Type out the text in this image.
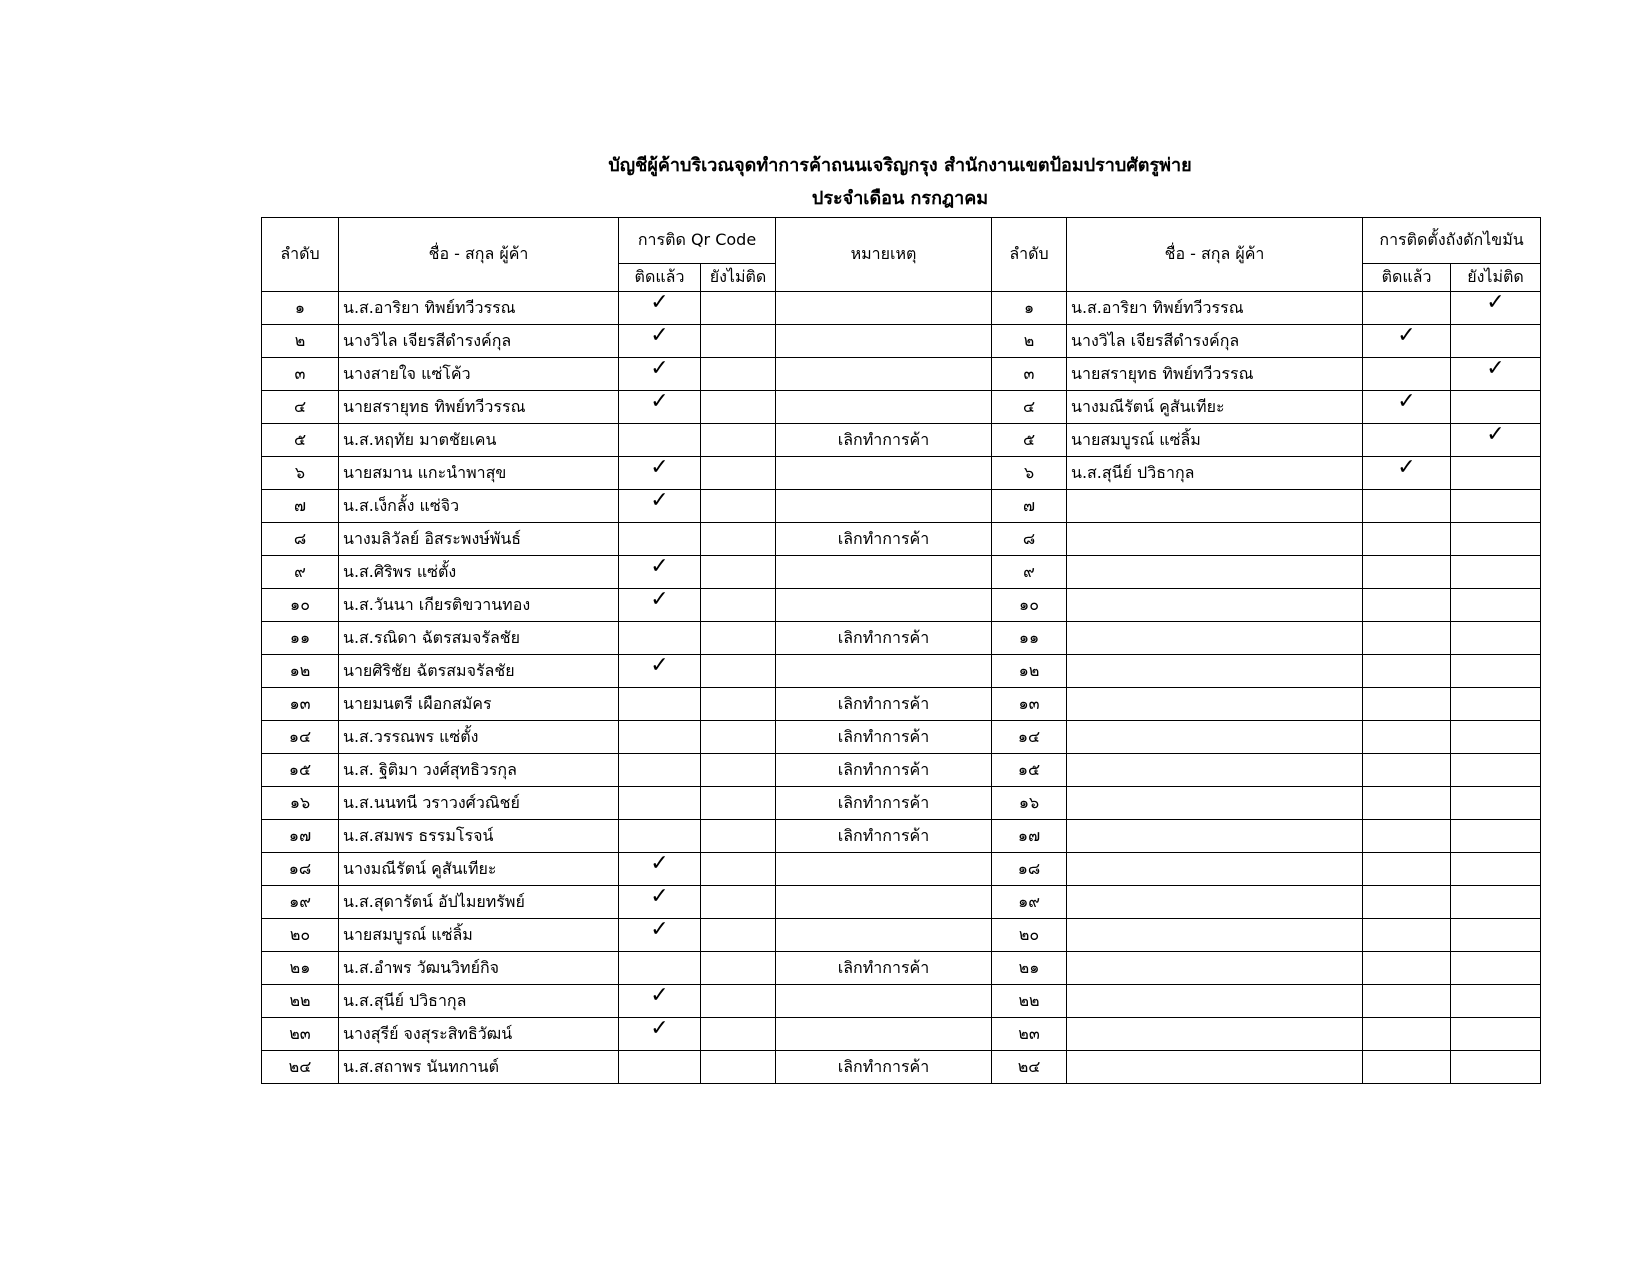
บัญชีผู้ค้าบริเวณจุดทำการค้าถนนเจริญกรุง สำนักงานเขตป้อมปราบศัตรูพ่าย
ประจำเดือน กรกฎาคม
ลำดับ	ชื่อ - สกุล ผู้ค้า	การติด Qr Code		หมายเหตุ	ลำดับ	ชื่อ - สกุล ผู้ค้า	การติดตั้งถังดักไขมัน	
		ติดแล้ว	ยังไม่ติด				ติดแล้ว	ยังไม่ติด
๑	น.ส.อาริยา ทิพย์ทวีวรรณ	✓			๑	น.ส.อาริยา ทิพย์ทวีวรรณ		✓
๒	นางวิไล เจียรสีดำรงค์กุล	✓			๒	นางวิไล เจียรสีดำรงค์กุล	✓	
๓	นางสายใจ แซ่โค้ว	✓			๓	นายสรายุทธ ทิพย์ทวีวรรณ		✓
๔	นายสรายุทธ ทิพย์ทวีวรรณ	✓			๔	นางมณีรัตน์ คูสันเทียะ	✓	
๕	น.ส.หฤทัย มาตชัยเคน			เลิกทำการค้า	๕	นายสมบูรณ์ แซ่ลิ้ม		✓
๖	นายสมาน แกะนำพาสุข	✓			๖	น.ส.สุนีย์ ปวิธากุล	✓	
๗	น.ส.เง็กลั้ง แซ่จิว	✓			๗			
๘	นางมลิวัลย์ อิสระพงษ์พันธ์			เลิกทำการค้า	๘			
๙	น.ส.ศิริพร แซ่ตั้ง	✓			๙			
๑๐	น.ส.วันนา เกียรติขวานทอง	✓			๑๐			
๑๑	น.ส.รณิดา ฉัตรสมจรัลชัย			เลิกทำการค้า	๑๑			
๑๒	นายศิริชัย ฉัตรสมจรัลชัย	✓			๑๒			
๑๓	นายมนตรี เผือกสมัคร			เลิกทำการค้า	๑๓			
๑๔	น.ส.วรรณพร แซ่ตั้ง			เลิกทำการค้า	๑๔			
๑๕	น.ส. ฐิติมา วงศ์สุทธิวรกุล			เลิกทำการค้า	๑๕			
๑๖	น.ส.นนทนี วราวงศ์วณิชย์			เลิกทำการค้า	๑๖			
๑๗	น.ส.สมพร ธรรมโรจน์			เลิกทำการค้า	๑๗			
๑๘	นางมณีรัตน์ คูสันเทียะ	✓			๑๘			
๑๙	น.ส.สุดารัตน์ อัปไมยทรัพย์	✓			๑๙			
๒๐	นายสมบูรณ์ แซ่ลิ้ม	✓			๒๐			
๒๑	น.ส.อำพร วัฒนวิทย์กิจ			เลิกทำการค้า	๒๑			
๒๒	น.ส.สุนีย์ ปวิธากุล	✓			๒๒			
๒๓	นางสุรีย์ จงสุระสิทธิวัฒน์	✓			๒๓			
๒๔	น.ส.สถาพร นันทกานต์			เลิกทำการค้า	๒๔			
